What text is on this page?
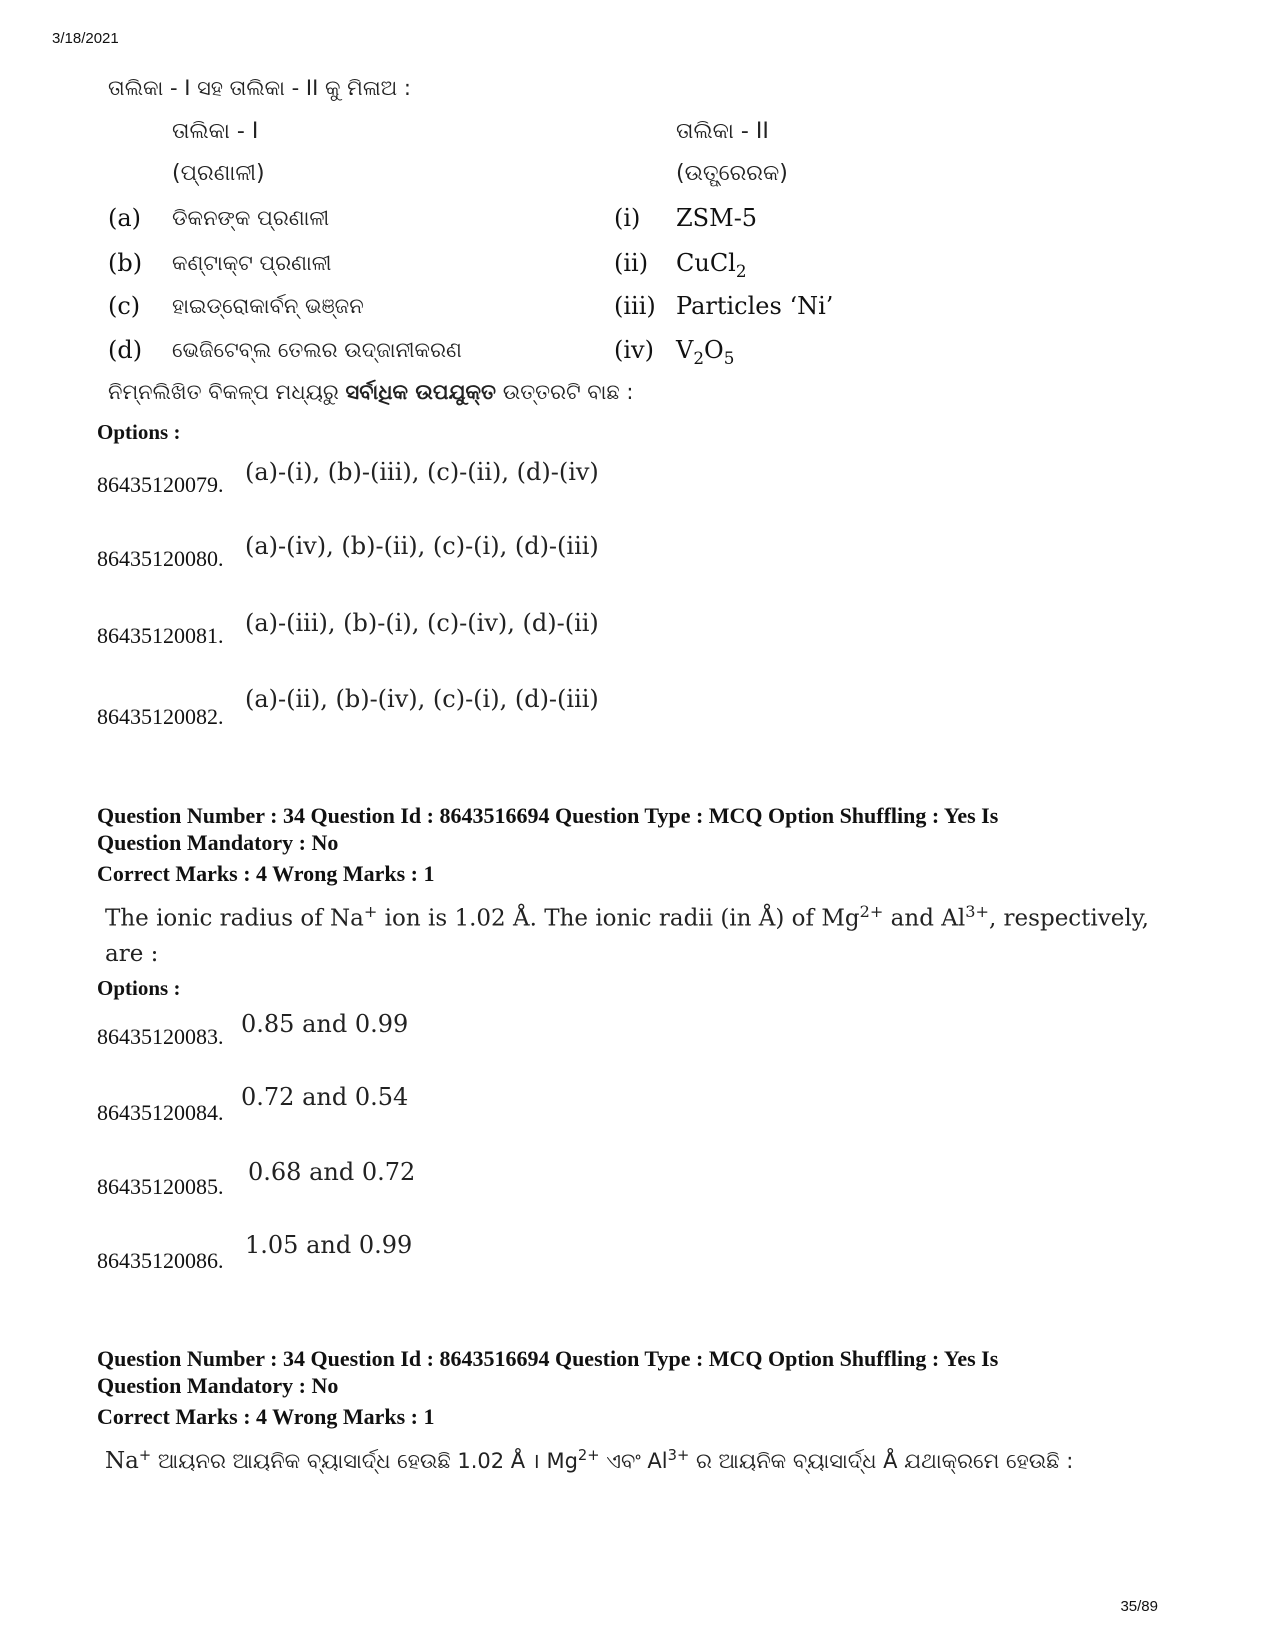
3/18/2021
ତାଲିକା - I ସହ ତାଲିକା - II କୁ ମିଳାଅ :
ତାଲିକା - I
(ପ୍ରଣାଳୀ)
ତାଲିକା - II
(ଉତ୍ପ୍ରେରକ)
(a) ଡିକନଙ୍କ ପ୍ରଣାଳୀ	(i) ZSM-5
(b) କଣ୍ଟାକ୍ଟ ପ୍ରଣାଳୀ	(ii) CuCl$_2$
(c) ହାଇଡ୍ରୋକାର୍ବନ୍ ଭଞ୍ଜନ	(iii) Particles ‘Ni’
(d) ଭେଜିଟେବ୍ଲ ତେଲର ଉଦ୍‌ଜାନୀକରଣ	(iv) $V_2O_5$
ନିମ୍ନଲିଖିତ ବିକଳ୍ପ ମଧ୍ୟରୁ ସର୍ବାଧିକ ଉପଯୁକ୍ତ ଉତ୍ତରଟି ବାଛ :
Options :
86435120079. (a)-(i), (b)-(iii), (c)-(ii), (d)-(iv)
86435120080. (a)-(iv), (b)-(ii), (c)-(i), (d)-(iii)
86435120081. (a)-(iii), (b)-(i), (c)-(iv), (d)-(ii)
86435120082.
(a)-(ii), (b)-(iv), (c)-(i), (d)-(iii)
Question Number : 34 Question Id : 8643516694 Question Type : MCQ Option Shuffling : Yes Is
Question Mandatory : No
Correct Marks : 4 Wrong Marks : 1
The ionic radius of Na+ ion is 1.02 Å. The ionic radii (in Å) of $Mg^{2+}$ and $Al^{3+}$, respectively,
are :
Options :
86435120083. 0.85 and 0.99
86435120084.
0.72 and 0.54
86435120085.
0.68 and 0.72
86435120086.
1.05 and 0.99
Question Number : 34 Question Id : 8643516694 Question Type : MCQ Option Shuffling : Yes Is
Question Mandatory : No
Correct Marks : 4 Wrong Marks : 1
Na+ ଆୟନର ଆୟନିକ ବ୍ୟାସାର୍ଦ୍ଧ ହେଉଛି 1.02 Å । $Mg^{2+}$ ଏବଂ $Al^{3+}$ ର ଆୟନିକ ବ୍ୟାସାର୍ଦ୍ଧ Å ଯଥାକ୍ରମେ ହେଉଛି :
35/89
